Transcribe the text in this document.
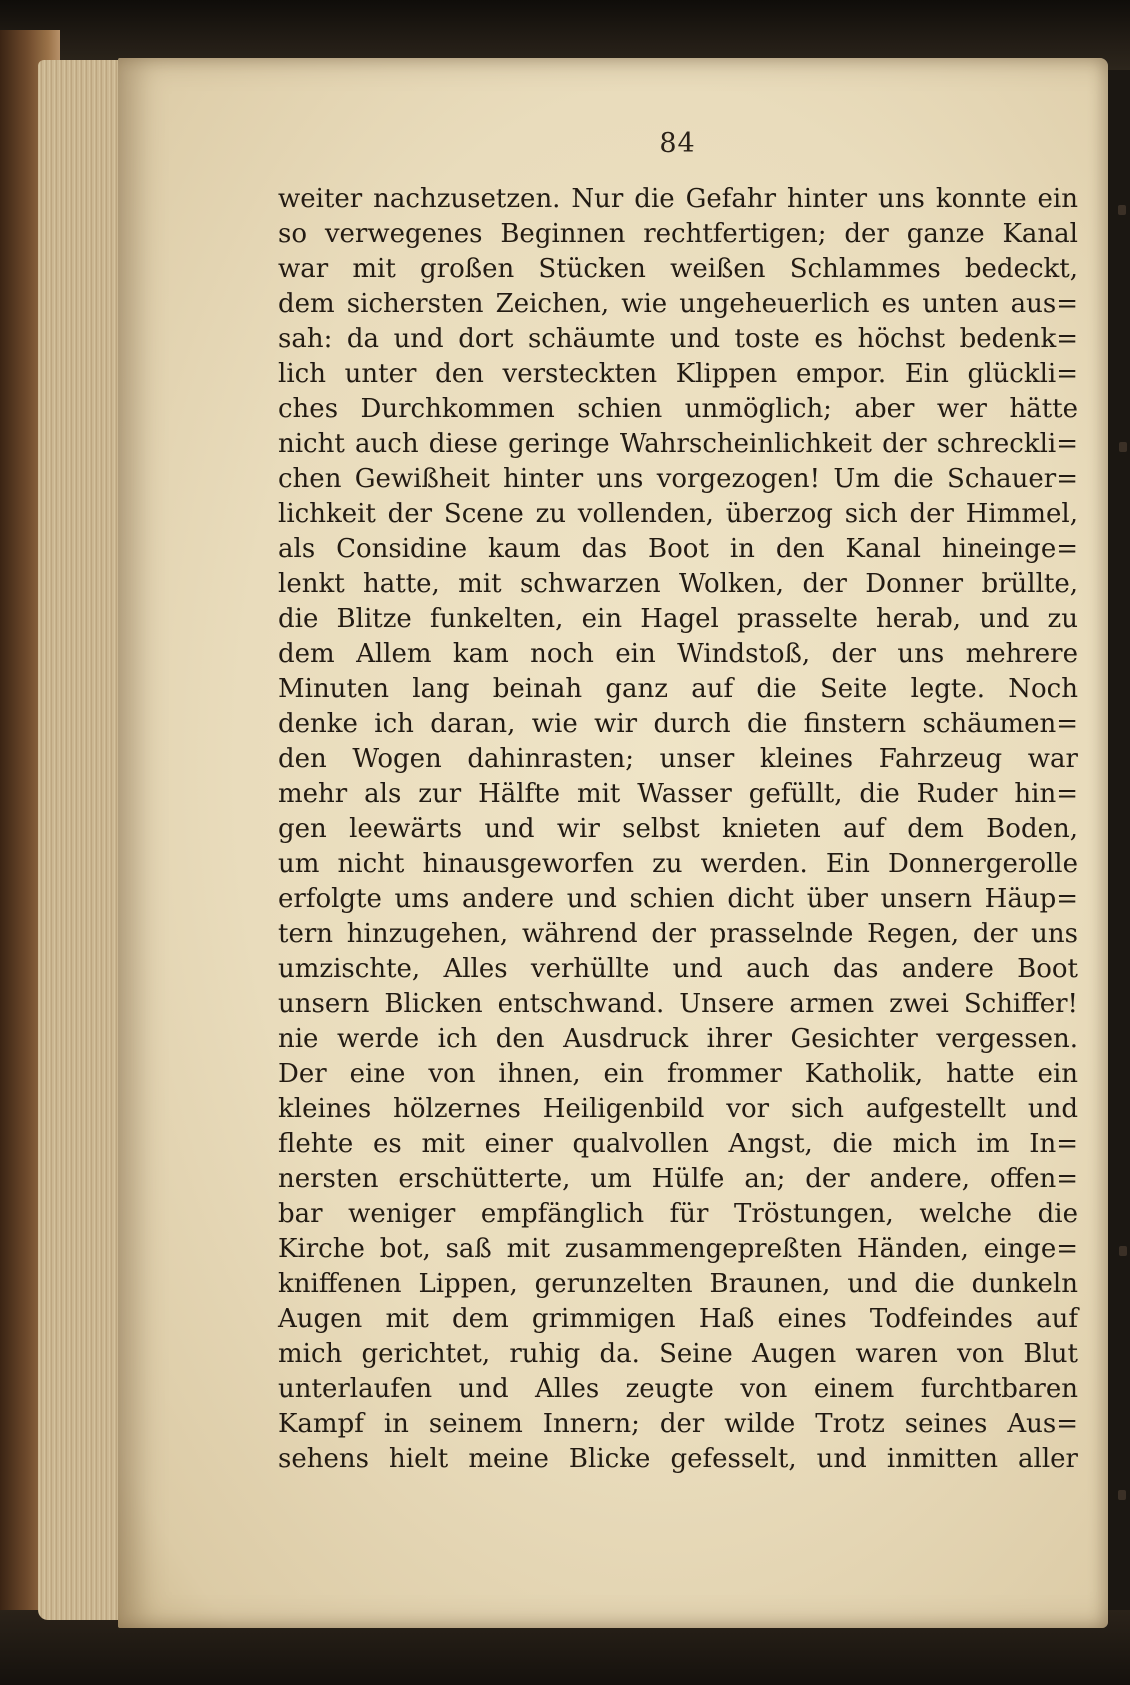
84
weiter nachzusetzen. Nur die Gefahr hinter uns konnte ein
so verwegenes Beginnen rechtfertigen; der ganze Kanal
war mit großen Stücken weißen Schlammes bedeckt,
dem sichersten Zeichen, wie ungeheuerlich es unten aus=
sah: da und dort schäumte und toste es höchst bedenk=
lich unter den versteckten Klippen empor. Ein glückli=
ches Durchkommen schien unmöglich; aber wer hätte
nicht auch diese geringe Wahrscheinlichkeit der schreckli=
chen Gewißheit hinter uns vorgezogen! Um die Schauer=
lichkeit der Scene zu vollenden, überzog sich der Himmel,
als Considine kaum das Boot in den Kanal hineinge=
lenkt hatte, mit schwarzen Wolken, der Donner brüllte,
die Blitze funkelten, ein Hagel prasselte herab, und zu
dem Allem kam noch ein Windstoß, der uns mehrere
Minuten lang beinah ganz auf die Seite legte. Noch
denke ich daran, wie wir durch die finstern schäumen=
den Wogen dahinrasten; unser kleines Fahrzeug war
mehr als zur Hälfte mit Wasser gefüllt, die Ruder hin=
gen leewärts und wir selbst knieten auf dem Boden,
um nicht hinausgeworfen zu werden. Ein Donnergerolle
erfolgte ums andere und schien dicht über unsern Häup=
tern hinzugehen, während der prasselnde Regen, der uns
umzischte, Alles verhüllte und auch das andere Boot
unsern Blicken entschwand. Unsere armen zwei Schiffer!
nie werde ich den Ausdruck ihrer Gesichter vergessen.
Der eine von ihnen, ein frommer Katholik, hatte ein
kleines hölzernes Heiligenbild vor sich aufgestellt und
flehte es mit einer qualvollen Angst, die mich im In=
nersten erschütterte, um Hülfe an; der andere, offen=
bar weniger empfänglich für Tröstungen, welche die
Kirche bot, saß mit zusammengepreßten Händen, einge=
kniffenen Lippen, gerunzelten Braunen, und die dunkeln
Augen mit dem grimmigen Haß eines Todfeindes auf
mich gerichtet, ruhig da. Seine Augen waren von Blut
unterlaufen und Alles zeugte von einem furchtbaren
Kampf in seinem Innern; der wilde Trotz seines Aus=
sehens hielt meine Blicke gefesselt, und inmitten aller
